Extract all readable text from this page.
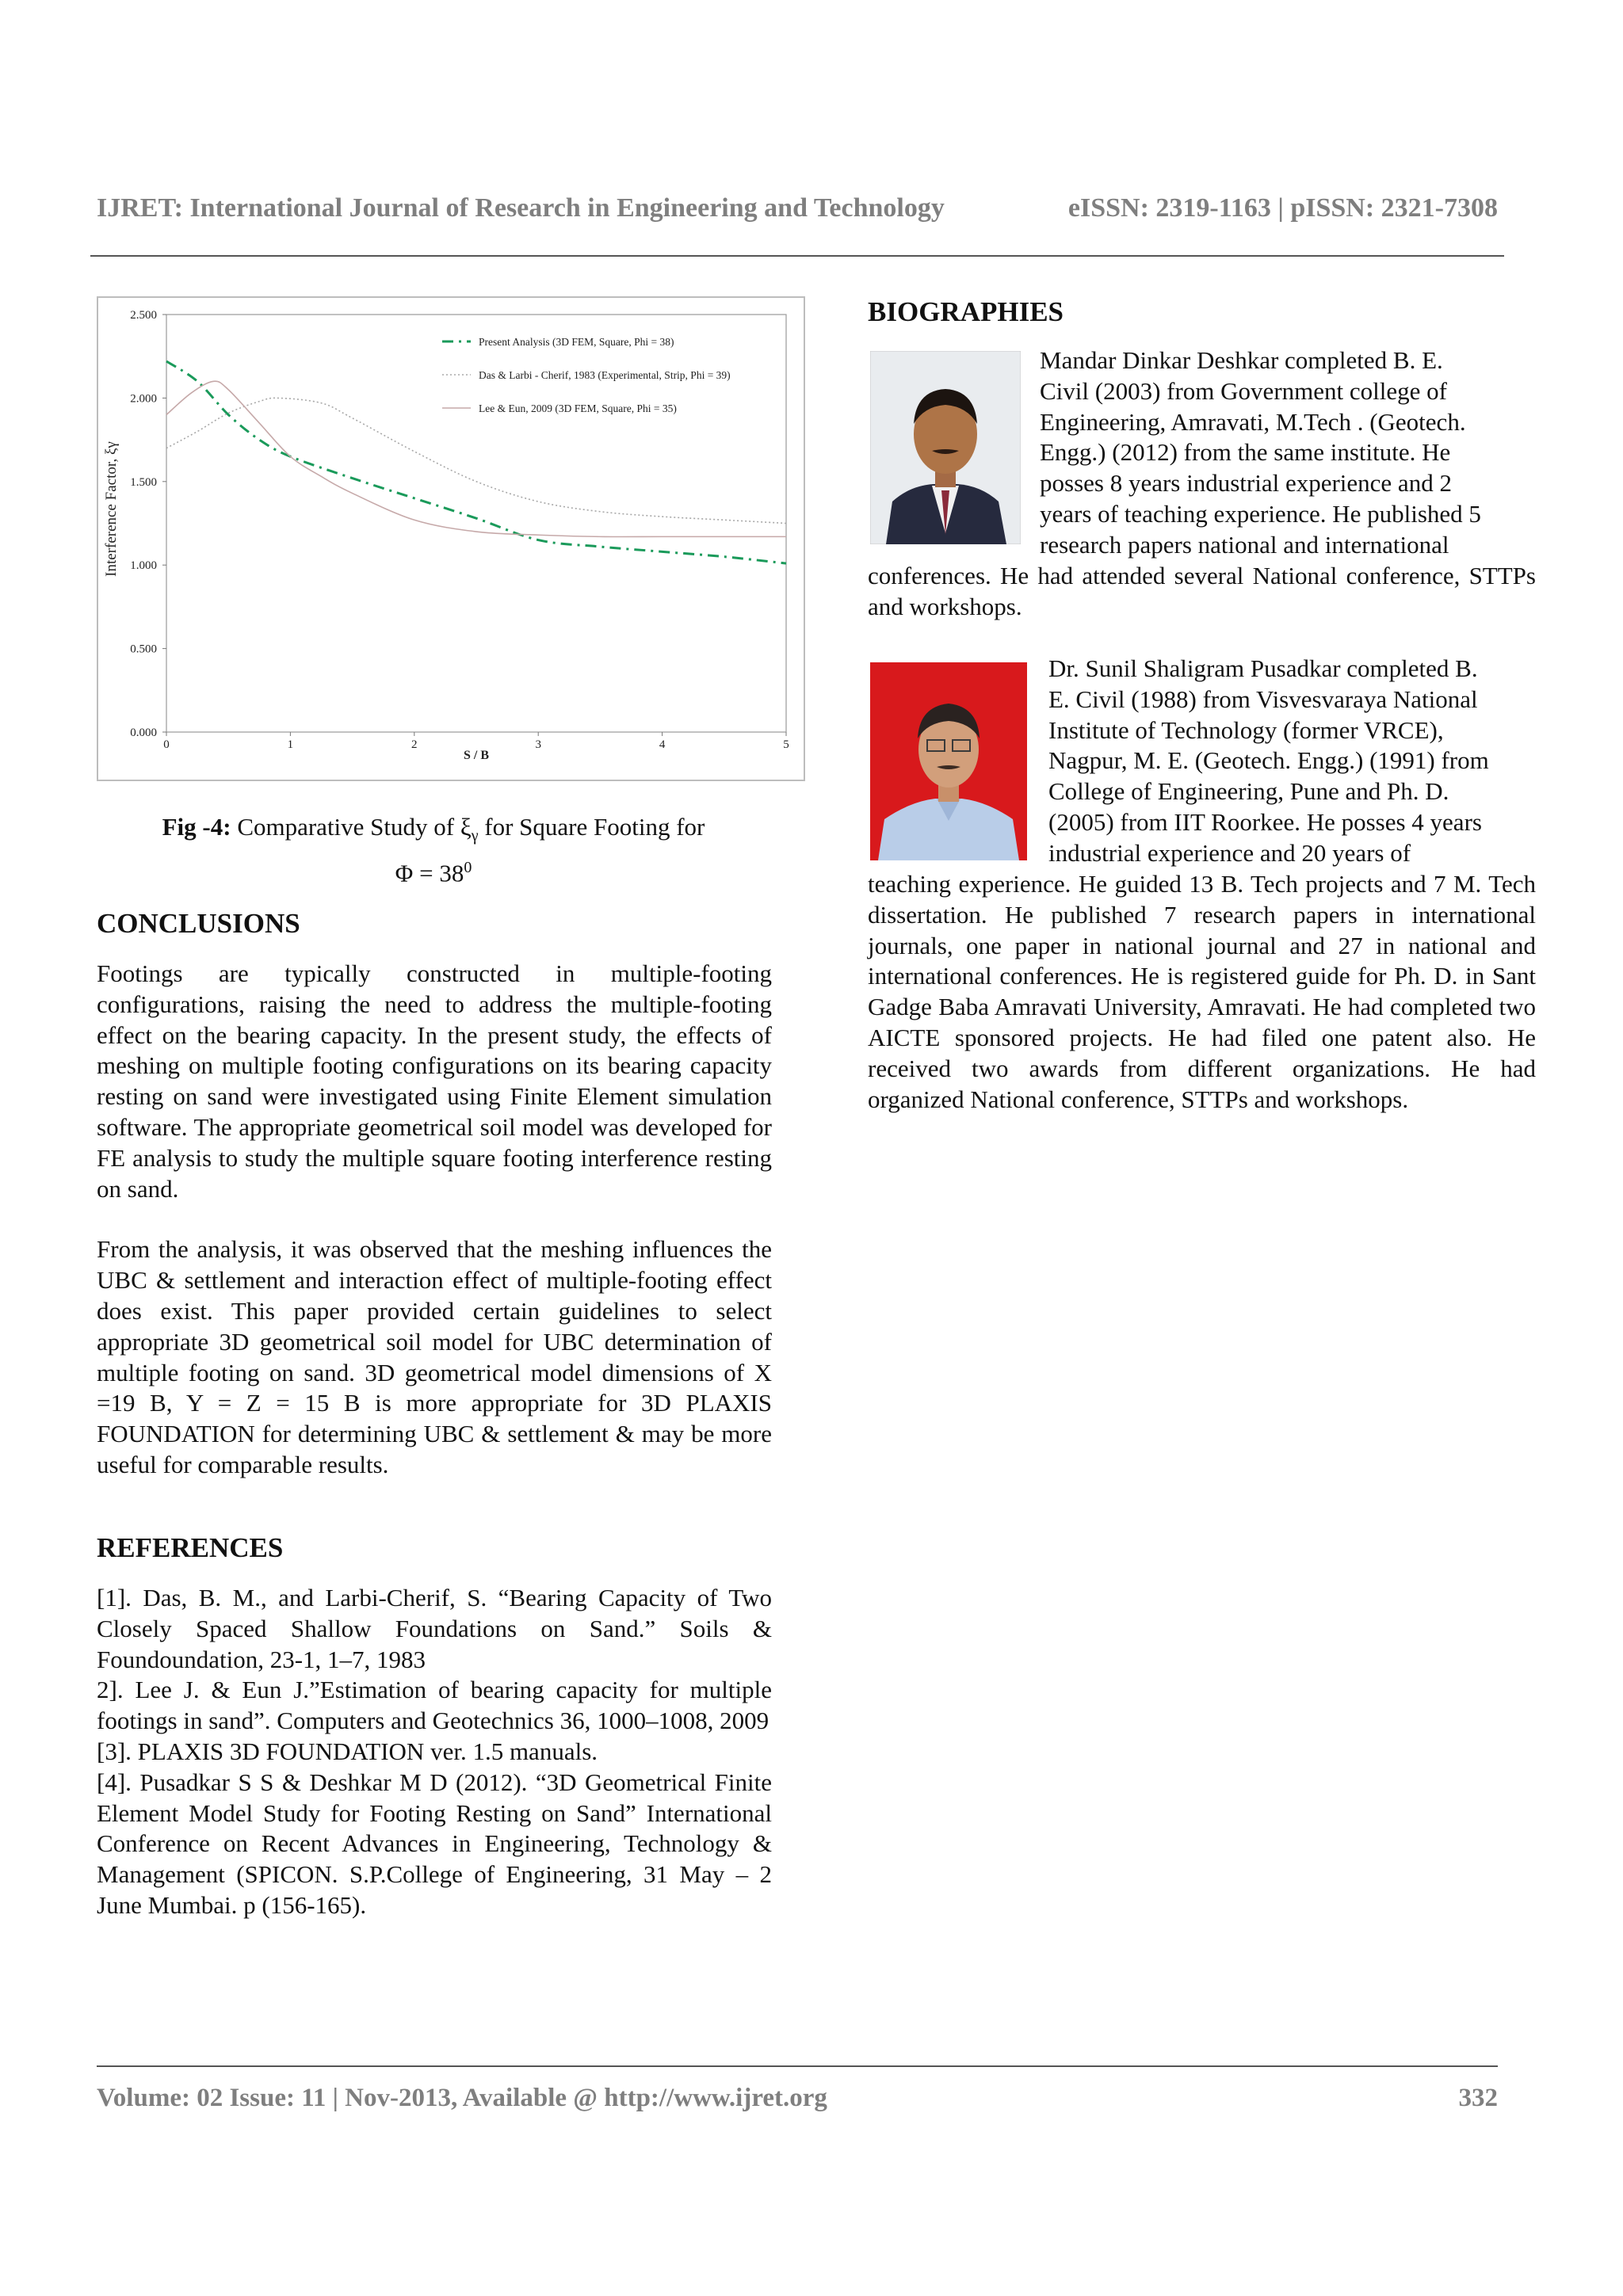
IJRET: International Journal of Research in Engineering and Technology	eISSN: 2319-1163 | pISSN: 2321-7308
0.000
0.500
1.000
1.500
2.000
2.500
0	1	2	3	4	5
S / B
Interference Factor, ξγ
Present Analysis (3D FEM, Square, Phi = 38)
Das & Larbi - Cherif, 1983 (Experimental, Strip, Phi = 39)
Lee & Eun, 2009 (3D FEM, Square, Phi = 35)
Fig -4: Comparative Study of $\xi_\gamma$ for Square Footing for
$\Phi = 38^0$
CONCLUSIONS

Footings are typically constructed in multiple-footing configurations, raising the need to address the multiple-footing effect on the bearing capacity. In the present study, the effects of meshing on multiple footing configurations on its bearing capacity resting on sand were investigated using Finite Element simulation software. The appropriate geometrical soil model was developed for FE analysis to study the multiple square footing interference resting on sand.

From the analysis, it was observed that the meshing influences the UBC & settlement and interaction effect of multiple-footing effect does exist. This paper provided certain guidelines to select appropriate 3D geometrical soil model for UBC determination of multiple footing on sand. 3D geometrical model dimensions of X =19 B, Y = Z = 15 B is more appropriate for 3D PLAXIS FOUNDATION for determining UBC & settlement & may be more useful for comparable results.

REFERENCES

[1]. Das, B. M., and Larbi-Cherif, S. “Bearing Capacity of Two Closely Spaced Shallow Foundations on Sand.” Soils & Foundoundation, 23-1, 1–7, 1983

2]. Lee J. & Eun J.”Estimation of bearing capacity for multiple footings in sand”. Computers and Geotechnics 36, 1000–1008, 2009

[3]. PLAXIS 3D FOUNDATION ver. 1.5 manuals.

[4]. Pusadkar S S & Deshkar M D (2012). “3D Geometrical Finite Element Model Study for Footing Resting on Sand” International Conference on Recent Advances in Engineering, Technology & Management (SPICON. S.P.College of Engineering, 31 May – 2 June Mumbai. p (156-165).

BIOGRAPHIES
Mandar Dinkar Deshkar completed B. E.
Civil (2003) from Government college of
Engineering, Amravati, M.Tech . (Geotech.
Engg.) (2012) from the same institute. He
posses 8 years industrial experience and 2
years of teaching experience. He published 5
research papers national and international
conferences. He had attended several National conference, STTPs and workshops.
Dr. Sunil Shaligram Pusadkar completed B.
E. Civil (1988) from Visvesvaraya National
Institute of Technology (former VRCE),
Nagpur, M. E. (Geotech. Engg.) (1991) from
College of Engineering, Pune and Ph. D.
(2005) from IIT Roorkee. He posses 4 years
industrial experience and 20 years of
teaching experience. He guided 13 B. Tech projects and 7 M. Tech dissertation. He published 7 research papers in international journals, one paper in national journal and 27 in national and international conferences. He is registered guide for Ph. D. in Sant Gadge Baba Amravati University, Amravati. He had completed two AICTE sponsored projects. He had filed one patent also. He received two awards from different organizations. He had organized National conference, STTPs and workshops.
Volume: 02 Issue: 11 | Nov-2013, Available @ http://www.ijret.org	332
